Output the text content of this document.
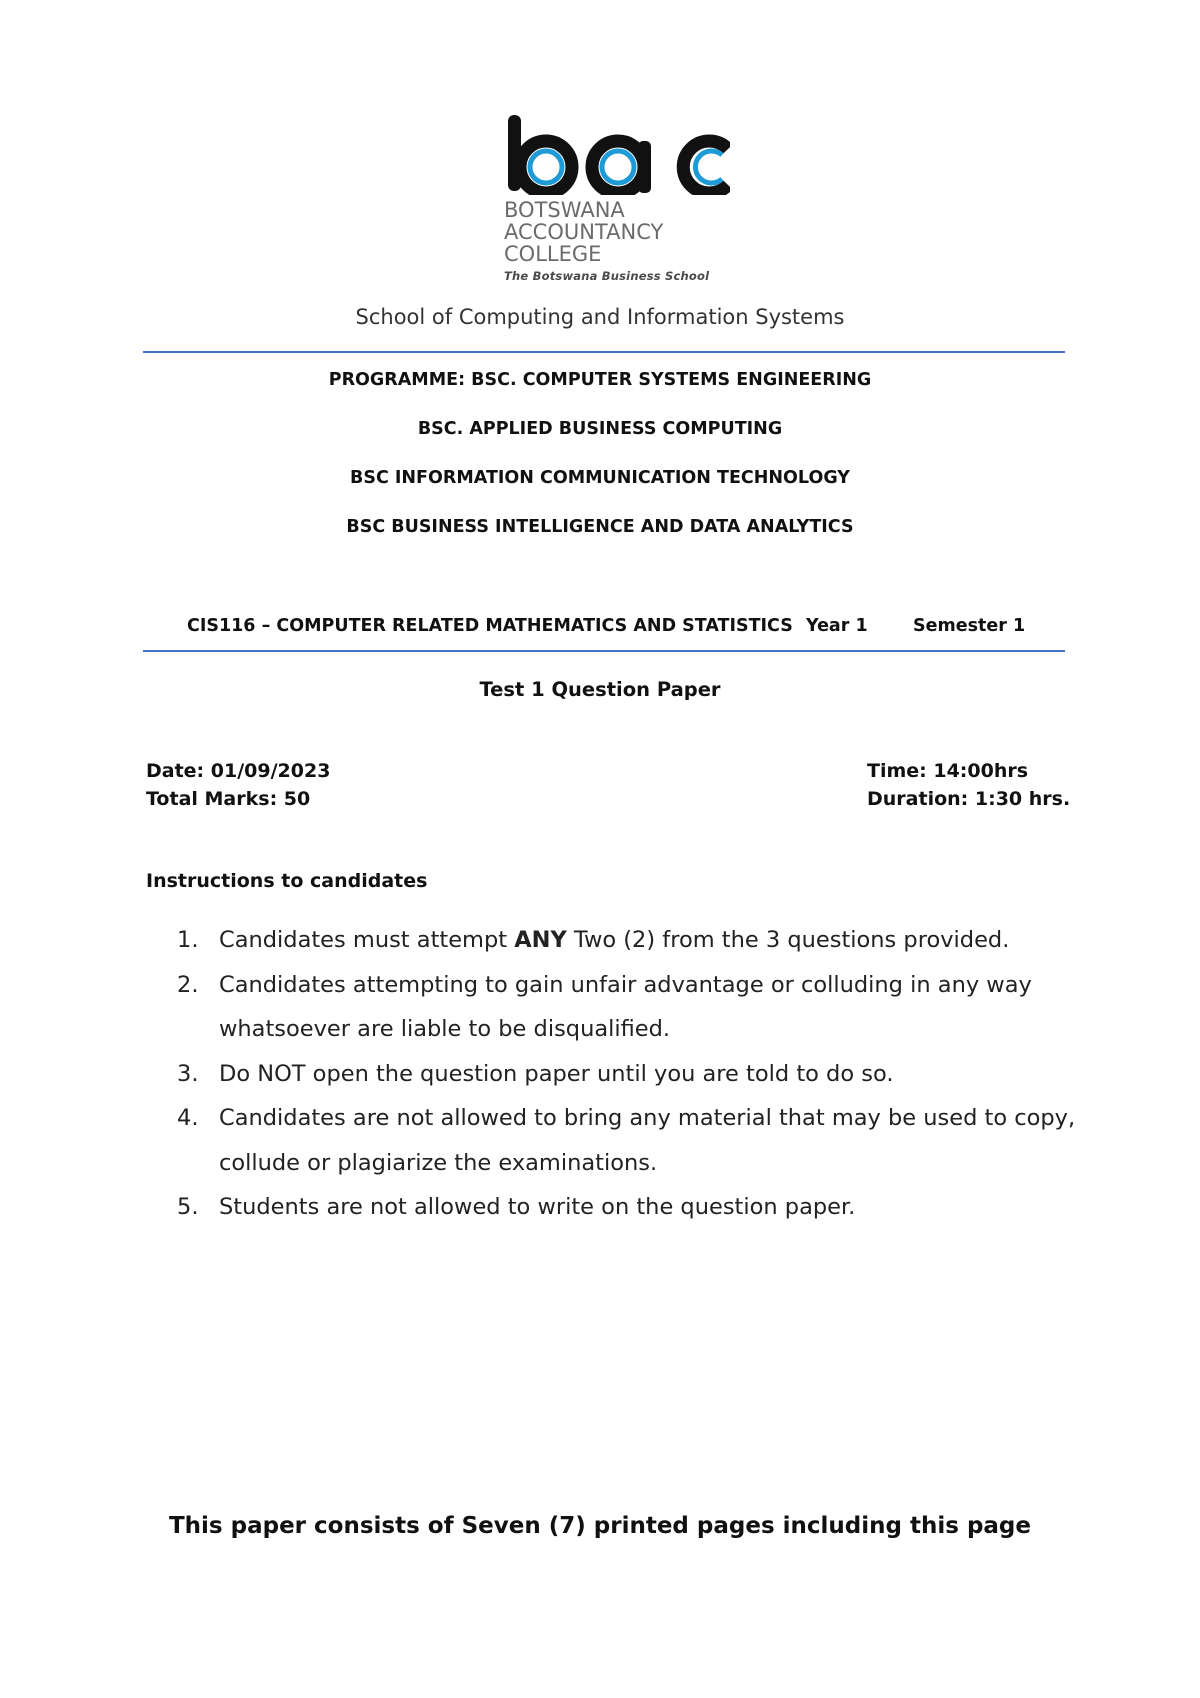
BOTSWANA
ACCOUNTANCY
COLLEGE
The Botswana Business School
School of Computing and Information Systems
PROGRAMME: BSC. COMPUTER SYSTEMS ENGINEERING
BSC. APPLIED BUSINESS COMPUTING
BSC INFORMATION COMMUNICATION TECHNOLOGY
BSC BUSINESS INTELLIGENCE AND DATA ANALYTICS
CIS116 – COMPUTER RELATED MATHEMATICS AND STATISTICS Year 1	Semester 1
Test 1 Question Paper
Date: 01/09/2023
Total Marks: 50
Time: 14:00hrs
Duration: 1:30 hrs.
Instructions to candidates
1. Candidates must attempt ANY Two (2) from the 3 questions provided.
2. Candidates attempting to gain unfair advantage or colluding in any way whatsoever are liable to be disqualified.
3. Do NOT open the question paper until you are told to do so.
4. Candidates are not allowed to bring any material that may be used to copy, collude or plagiarize the examinations.
5. Students are not allowed to write on the question paper.
This paper consists of Seven (7) printed pages including this page
